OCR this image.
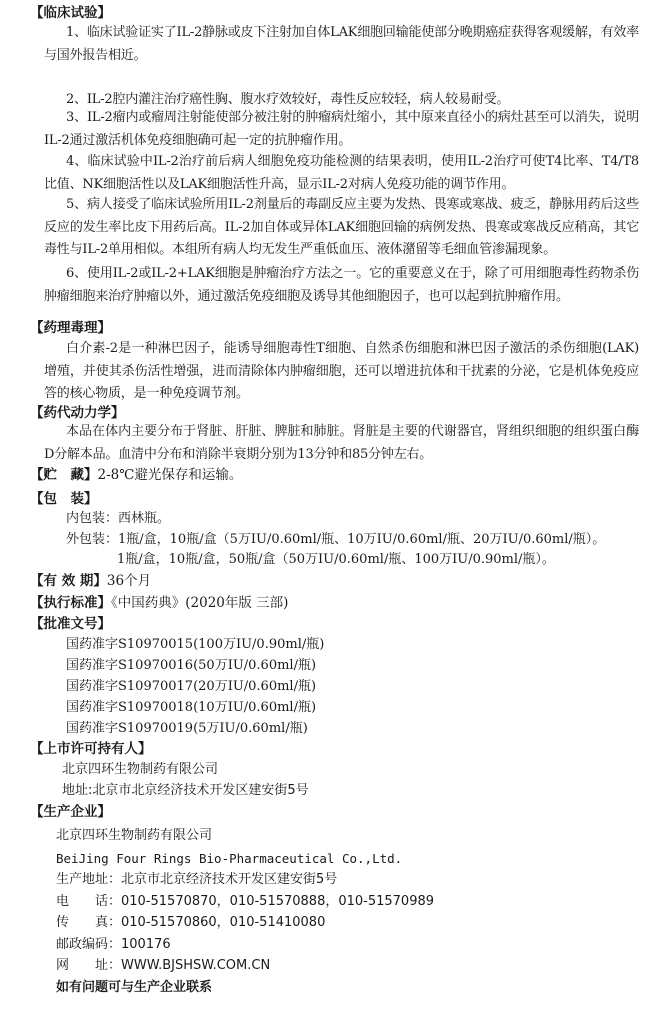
【临床试验】
1、临床试验证实了IL-2静脉或皮下注射加自体LAK细胞回输能使部分晚期癌症获得客观缓解，有效率与国外报告相近。
2、IL-2腔内灌注治疗癌性胸、腹水疗效较好，毒性反应较轻，病人较易耐受。
3、IL-2瘤内或瘤周注射能使部分被注射的肿瘤病灶缩小，其中原来直径小的病灶甚至可以消失，说明IL-2通过激活机体免疫细胞确可起一定的抗肿瘤作用。
4、临床试验中IL-2治疗前后病人细胞免疫功能检测的结果表明，使用IL-2治疗可使T4比率、T4/T8比值、NK细胞活性以及LAK细胞活性升高，显示IL-2对病人免疫功能的调节作用。
5、病人接受了临床试验所用IL-2剂量后的毒副反应主要为发热、畏寒或寒战、疲乏，静脉用药后这些反应的发生率比皮下用药后高。IL-2加自体或异体LAK细胞回输的病例发热、畏寒或寒战反应稍高，其它毒性与IL-2单用相似。本组所有病人均无发生严重低血压、液体潴留等毛细血管渗漏现象。
6、使用IL-2或IL-2+LAK细胞是肿瘤治疗方法之一。它的重要意义在于，除了可用细胞毒性药物杀伤肿瘤细胞来治疗肿瘤以外，通过激活免疫细胞及诱导其他细胞因子，也可以起到抗肿瘤作用。
【药理毒理】
白介素-2是一种淋巴因子，能诱导细胞毒性T细胞、自然杀伤细胞和淋巴因子激活的杀伤细胞(LAK) 增殖，并使其杀伤活性增强，进而清除体内肿瘤细胞，还可以增进抗体和干扰素的分泌，它是机体免疫应答的核心物质，是一种免疫调节剂。
【药代动力学】
本品在体内主要分布于肾脏、肝脏、脾脏和肺脏。肾脏是主要的代谢器官，肾组织细胞的组织蛋白酶D分解本品。血清中分布和消除半衰期分别为13分钟和85分钟左右。
【贮　藏】2-8℃避光保存和运输。
【包　装】
内包装：西林瓶。
外包装：1瓶/盒，10瓶/盒（5万IU/0.60ml/瓶、10万IU/0.60ml/瓶、20万IU/0.60ml/瓶）。
1瓶/盒，10瓶/盒，50瓶/盒（50万IU/0.60ml/瓶、100万IU/0.90ml/瓶）。
【有 效 期】36个月
【执行标准】《中国药典》(2020年版 三部)
【批准文号】
国药准字S10970015(100万IU/0.90ml/瓶)
国药准字S10970016(50万IU/0.60ml/瓶)
国药准字S10970017(20万IU/0.60ml/瓶)
国药准字S10970018(10万IU/0.60ml/瓶)
国药准字S10970019(5万IU/0.60ml/瓶)
【上市许可持有人】
北京四环生物制药有限公司
地址:北京市北京经济技术开发区建安街5号
【生产企业】
北京四环生物制药有限公司
BeiJing Four Rings Bio-Pharmaceutical Co.,Ltd.
生产地址：北京市北京经济技术开发区建安街5号
电　　话：010-51570870，010-51570888，010-51570989
传　　真：010-51570860，010-51410080
邮政编码：100176
网　　址：WWW.BJSHSW.COM.CN
如有问题可与生产企业联系
